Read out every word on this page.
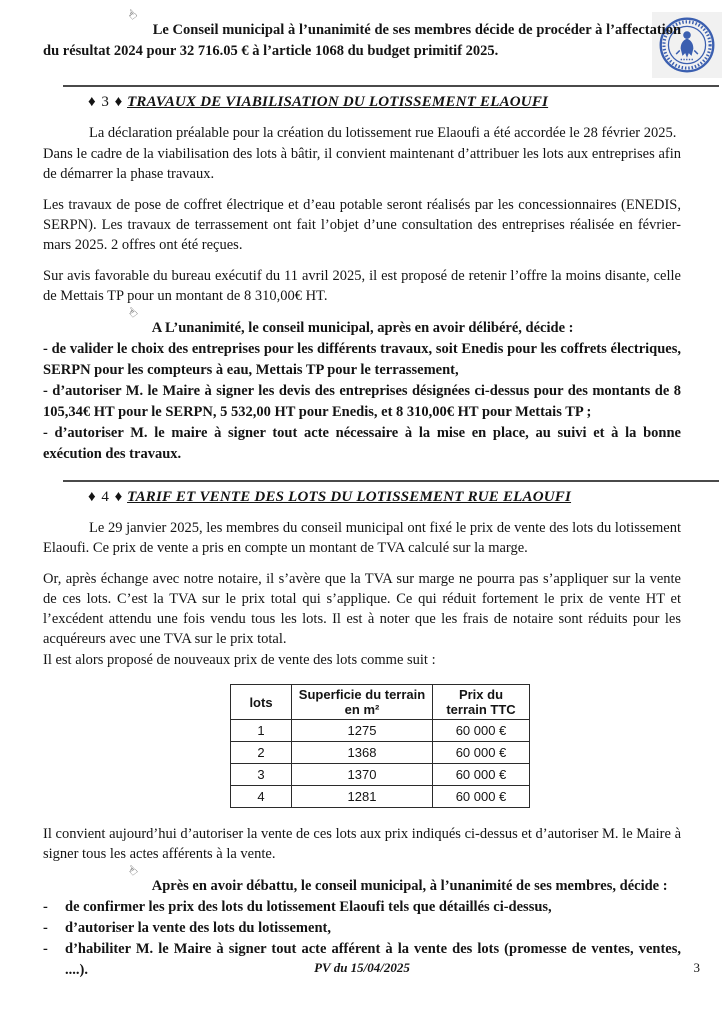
☝ Le Conseil municipal à l’unanimité de ses membres décide de procéder à l’affectation du résultat 2024 pour 32 716.05 € à l’article 1068 du budget primitif 2025.

♦ 3 ♦ TRAVAUX DE VIABILISATION DU LOTISSEMENT ELAOUFI

La déclaration préalable pour la création du lotissement rue Elaoufi a été accordée le 28 février 2025.

Dans le cadre de la viabilisation des lots à bâtir, il convient maintenant d’attribuer les lots aux entreprises afin de démarrer la phase travaux.

Les travaux de pose de coffret électrique et d’eau potable seront réalisés par les concessionnaires (ENEDIS, SERPN). Les travaux de terrassement ont fait l’objet d’une consultation des entreprises réalisée en février-mars 2025. 2 offres ont été reçues.

Sur avis favorable du bureau exécutif du 11 avril 2025, il est proposé de retenir l’offre la moins disante, celle de Mettais TP pour un montant de 8 310,00€ HT.

☝ A L’unanimité, le conseil municipal, après en avoir délibéré, décide :

- de valider le choix des entreprises pour les différents travaux, soit Enedis pour les coffrets électriques, SERPN pour les compteurs à eau, Mettais TP pour le terrassement,

- d’autoriser M. le Maire à signer les devis des entreprises désignées ci-dessus pour des montants de 8 105,34€ HT pour le SERPN, 5 532,00 HT pour Enedis, et 8 310,00€ HT pour Mettais TP ;

- d’autoriser M. le maire à signer tout acte nécessaire à la mise en place, au suivi et à la bonne exécution des travaux.

♦ 4 ♦ TARIF ET VENTE DES LOTS DU LOTISSEMENT RUE ELAOUFI

Le 29 janvier 2025, les membres du conseil municipal ont fixé le prix de vente des lots du lotissement Elaoufi. Ce prix de vente a pris en compte un montant de TVA calculé sur la marge.

Or, après échange avec notre notaire, il s’avère que la TVA sur marge ne pourra pas s’appliquer sur la vente de ces lots. C’est la TVA sur le prix total qui s’applique. Ce qui réduit fortement le prix de vente HT et l’excédent attendu une fois vendu tous les lots. Il est à noter que les frais de notaire sont réduits pour les acquéreurs avec une TVA sur le prix total.

Il est alors proposé de nouveaux prix de vente des lots comme suit :

lots	Superficie du terrain en m²	Prix du terrain TTC
1	1275	60 000 €
2	1368	60 000 €
3	1370	60 000 €
4	1281	60 000 €

Il convient aujourd’hui d’autoriser la vente de ces lots aux prix indiqués ci-dessus et d’autoriser M. le Maire à signer tous les actes afférents à la vente.

☝ Après en avoir débattu, le conseil municipal, à l’unanimité de ses membres, décide :

-	de confirmer les prix des lots du lotissement Elaoufi tels que détaillés ci-dessus,
-	d’autoriser la vente des lots du lotissement,
-	d’habiliter M. le Maire à signer tout acte afférent à la vente des lots (promesse de ventes, ventes, ....).	PV du 15/04/2025	3
